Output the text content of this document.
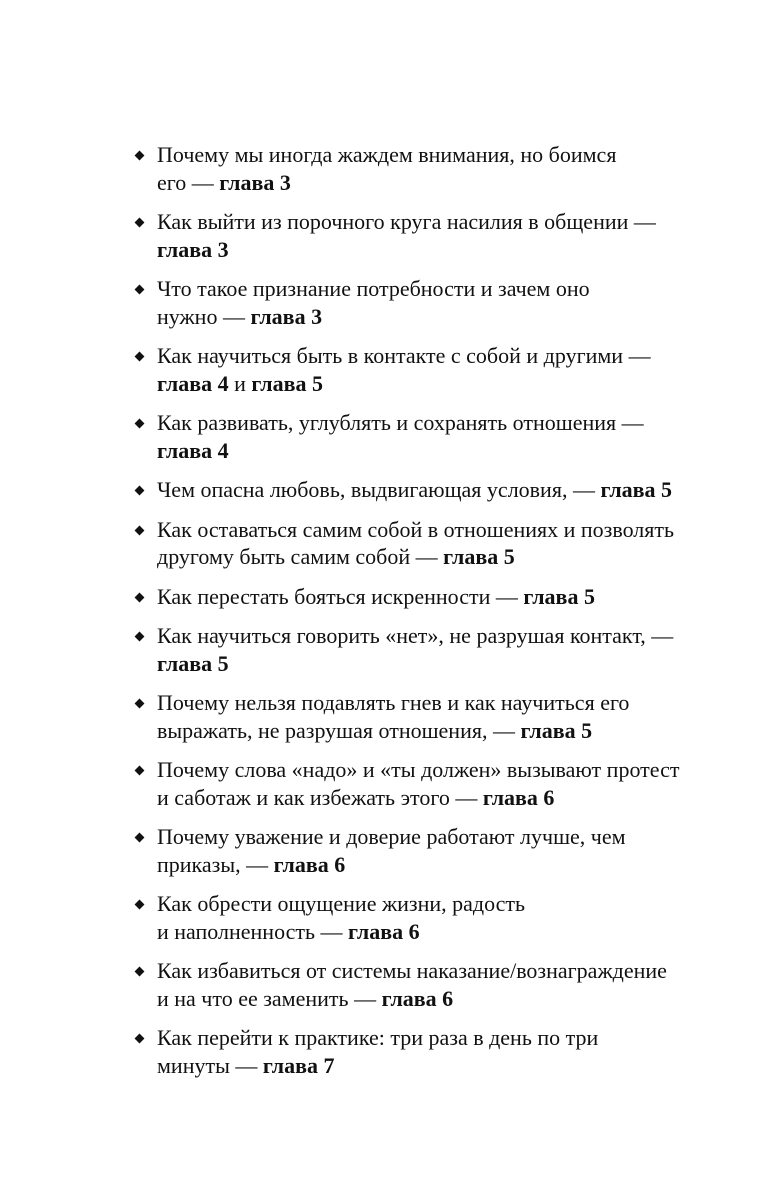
Почему мы иногда жаждем внимания, но боимся
его — глава 3
Как выйти из порочного круга насилия в общении —
глава 3
Что такое признание потребности и зачем оно
нужно — глава 3
Как научиться быть в контакте с собой и другими —
глава 4 и глава 5
Как развивать, углублять и сохранять отношения —
глава 4
Чем опасна любовь, выдвигающая условия, — глава 5
Как оставаться самим собой в отношениях и позволять
другому быть самим собой — глава 5
Как перестать бояться искренности — глава 5
Как научиться говорить «нет», не разрушая контакт, —
глава 5
Почему нельзя подавлять гнев и как научиться его
выражать, не разрушая отношения, — глава 5
Почему слова «надо» и «ты должен» вызывают протест
и саботаж и как избежать этого — глава 6
Почему уважение и доверие работают лучше, чем
приказы, — глава 6
Как обрести ощущение жизни, радость
и наполненность — глава 6
Как избавиться от системы наказание/вознаграждение
и на что ее заменить — глава 6
Как перейти к практике: три раза в день по три
минуты — глава 7
